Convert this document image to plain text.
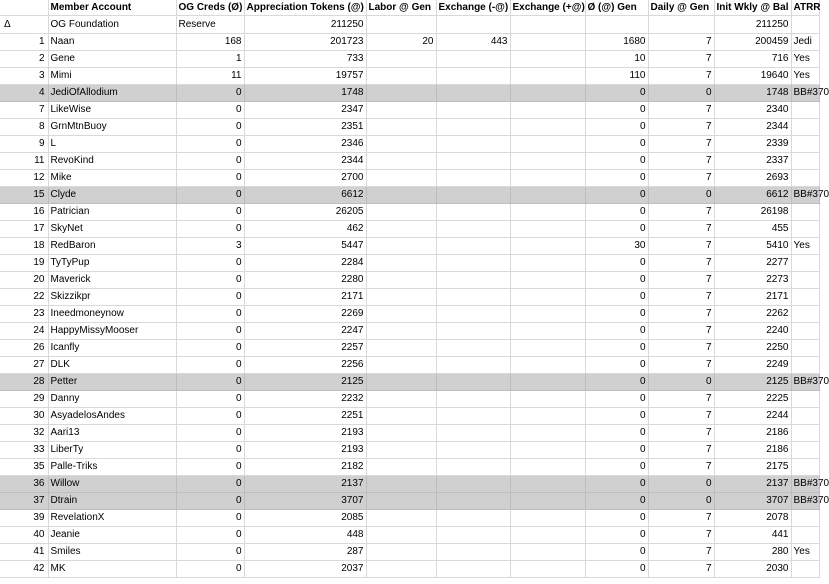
	Member Account	OG Creds (Ø)	Appreciation Tokens (@)	Labor @ Gen	Exchange (-@)	Exchange (+@)	Ø (@) Gen	Daily @ Gen	Init Wkly @ Bal	ATRR
Δ	OG Foundation	Reserve	211250						211250	
1	Naan	168	201723	20	443		1680	7	200459	Jedi
2	Gene	1	733				10	7	716	Yes
3	Mimi	11	19757				110	7	19640	Yes
4	JediOfAllodium	0	1748				0	0	1748	BB#370
7	LikeWise	0	2347				0	7	2340	
8	GrnMtnBuoy	0	2351				0	7	2344	
9	L	0	2346				0	7	2339	
11	RevoKind	0	2344				0	7	2337	
12	Mike	0	2700				0	7	2693	
15	Clyde	0	6612				0	0	6612	BB#370
16	Patrician	0	26205				0	7	26198	
17	SkyNet	0	462				0	7	455	
18	RedBaron	3	5447				30	7	5410	Yes
19	TyTyPup	0	2284				0	7	2277	
20	Maverick	0	2280				0	7	2273	
22	Skizzikpr	0	2171				0	7	2171	
23	Ineedmoneynow	0	2269				0	7	2262	
24	HappyMissyMooser	0	2247				0	7	2240	
26	Icanfly	0	2257				0	7	2250	
27	DLK	0	2256				0	7	2249	
28	Petter	0	2125				0	0	2125	BB#370
29	Danny	0	2232				0	7	2225	
30	AsyadelosAndes	0	2251				0	7	2244	
32	Aari13	0	2193				0	7	2186	
33	LiberTy	0	2193				0	7	2186	
35	Palle-Triks	0	2182				0	7	2175	
36	Willow	0	2137				0	0	2137	BB#370
37	Dtrain	0	3707				0	0	3707	BB#370
39	RevelationX	0	2085				0	7	2078	
40	Jeanie	0	448				0	7	441	
41	Smiles	0	287				0	7	280	Yes
42	MK	0	2037				0	7	2030	
